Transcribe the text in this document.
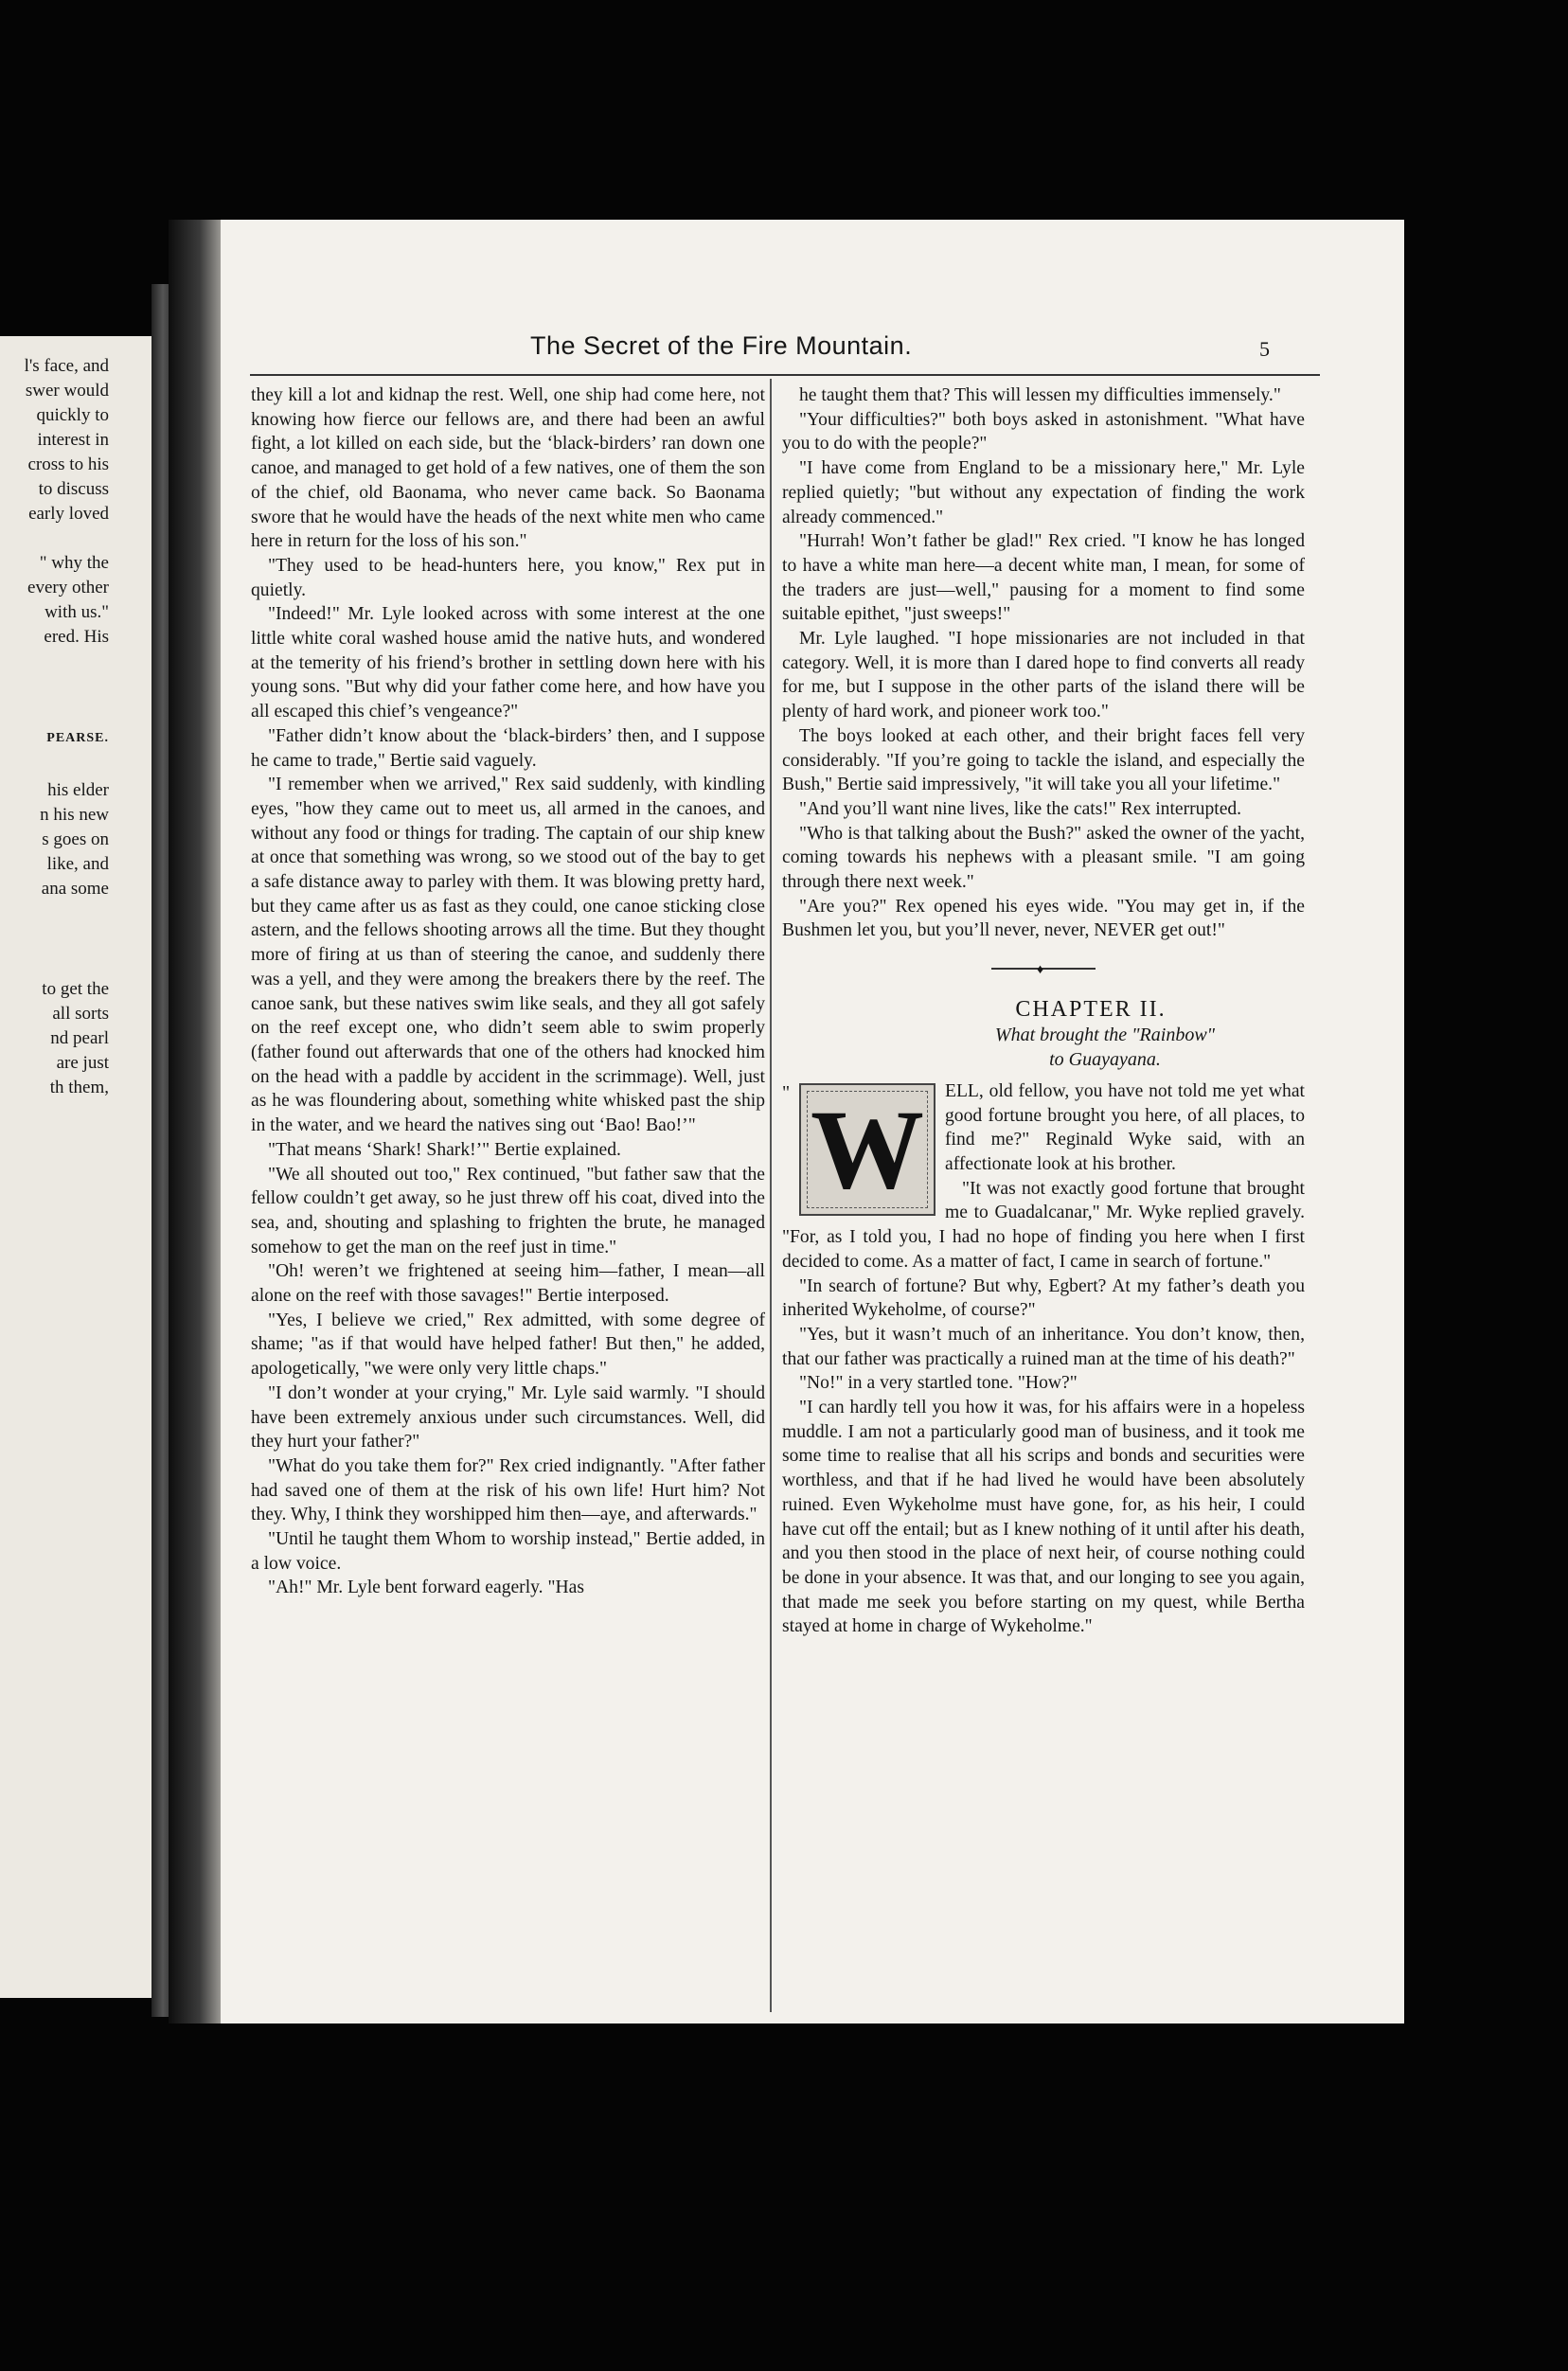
l's face, and
swer would
quickly to
interest in
cross to his
to discuss
early loved
" why the
every other
with us."
ered. His
PEARSE.
his elder
n his new
s goes on
like, and
ana some
to get the
all sorts
nd pearl
are just
th them,
The Secret of the Fire Mountain.	5

they kill a lot and kidnap the rest. Well, one ship had come here, not knowing how fierce our fellows are, and there had been an awful fight, a lot killed on each side, but the ‘black-birders’ ran down one canoe, and managed to get hold of a few natives, one of them the son of the chief, old Baonama, who never came back. So Baonama swore that he would have the heads of the next white men who came here in return for the loss of his son."

"They used to be head-hunters here, you know," Rex put in quietly.

"Indeed!" Mr. Lyle looked across with some interest at the one little white coral washed house amid the native huts, and wondered at the temerity of his friend’s brother in settling down here with his young sons. "But why did your father come here, and how have you all escaped this chief’s vengeance?"

"Father didn’t know about the ‘black-birders’ then, and I suppose he came to trade," Bertie said vaguely.

"I remember when we arrived," Rex said suddenly, with kindling eyes, "how they came out to meet us, all armed in the canoes, and without any food or things for trading. The captain of our ship knew at once that something was wrong, so we stood out of the bay to get a safe distance away to parley with them. It was blowing pretty hard, but they came after us as fast as they could, one canoe sticking close astern, and the fellows shooting arrows all the time. But they thought more of firing at us than of steering the canoe, and suddenly there was a yell, and they were among the breakers there by the reef. The canoe sank, but these natives swim like seals, and they all got safely on the reef except one, who didn’t seem able to swim properly (father found out afterwards that one of the others had knocked him on the head with a paddle by accident in the scrimmage). Well, just as he was floundering about, something white whisked past the ship in the water, and we heard the natives sing out ‘Bao! Bao!’"

"That means ‘Shark! Shark!’" Bertie explained.

"We all shouted out too," Rex continued, "but father saw that the fellow couldn’t get away, so he just threw off his coat, dived into the sea, and, shouting and splashing to frighten the brute, he managed somehow to get the man on the reef just in time."

"Oh! weren’t we frightened at seeing him—father, I mean—all alone on the reef with those savages!" Bertie interposed.

"Yes, I believe we cried," Rex admitted, with some degree of shame; "as if that would have helped father! But then," he added, apologetically, "we were only very little chaps."

"I don’t wonder at your crying," Mr. Lyle said warmly. "I should have been extremely anxious under such circumstances. Well, did they hurt your father?"

"What do you take them for?" Rex cried indignantly. "After father had saved one of them at the risk of his own life! Hurt him? Not they. Why, I think they worshipped him then—aye, and afterwards."

"Until he taught them Whom to worship instead," Bertie added, in a low voice.

"Ah!" Mr. Lyle bent forward eagerly. "Has

he taught them that? This will lessen my difficulties immensely."

"Your difficulties?" both boys asked in astonishment. "What have you to do with the people?"

"I have come from England to be a missionary here," Mr. Lyle replied quietly; "but without any expectation of finding the work already commenced."

"Hurrah! Won’t father be glad!" Rex cried. "I know he has longed to have a white man here—a decent white man, I mean, for some of the traders are just—well," pausing for a moment to find some suitable epithet, "just sweeps!"

Mr. Lyle laughed. "I hope missionaries are not included in that category. Well, it is more than I dared hope to find converts all ready for me, but I suppose in the other parts of the island there will be plenty of hard work, and pioneer work too."

The boys looked at each other, and their bright faces fell very considerably. "If you’re going to tackle the island, and especially the Bush," Bertie said impressively, "it will take you all your lifetime."

"And you’ll want nine lives, like the cats!" Rex interrupted.

"Who is that talking about the Bush?" asked the owner of the yacht, coming towards his nephews with a pleasant smile. "I am going through there next week."

"Are you?" Rex opened his eyes wide. "You may get in, if the Bushmen let you, but you’ll never, never, NEVER get out!"

♦
CHAPTER II.
What brought the "Rainbow"
to Guayayana.
" W	ELL, old fellow, you have not told me yet what good fortune brought you here, of all places, to find me?" Reginald Wyke said, with an affectionate look at his brother.

"It was not exactly good fortune that brought me to Guadalcanar," Mr. Wyke replied gravely. "For, as I told you, I had no hope of finding you here when I first decided to come. As a matter of fact, I came in search of fortune."

"In search of fortune? But why, Egbert? At my father’s death you inherited Wykeholme, of course?"

"Yes, but it wasn’t much of an inheritance. You don’t know, then, that our father was practically a ruined man at the time of his death?"

"No!" in a very startled tone. "How?"

"I can hardly tell you how it was, for his affairs were in a hopeless muddle. I am not a particularly good man of business, and it took me some time to realise that all his scrips and bonds and securities were worthless, and that if he had lived he would have been absolutely ruined. Even Wykeholme must have gone, for, as his heir, I could have cut off the entail; but as I knew nothing of it until after his death, and you then stood in the place of next heir, of course nothing could be done in your absence. It was that, and our longing to see you again, that made me seek you before starting on my quest, while Bertha stayed at home in charge of Wykeholme."
